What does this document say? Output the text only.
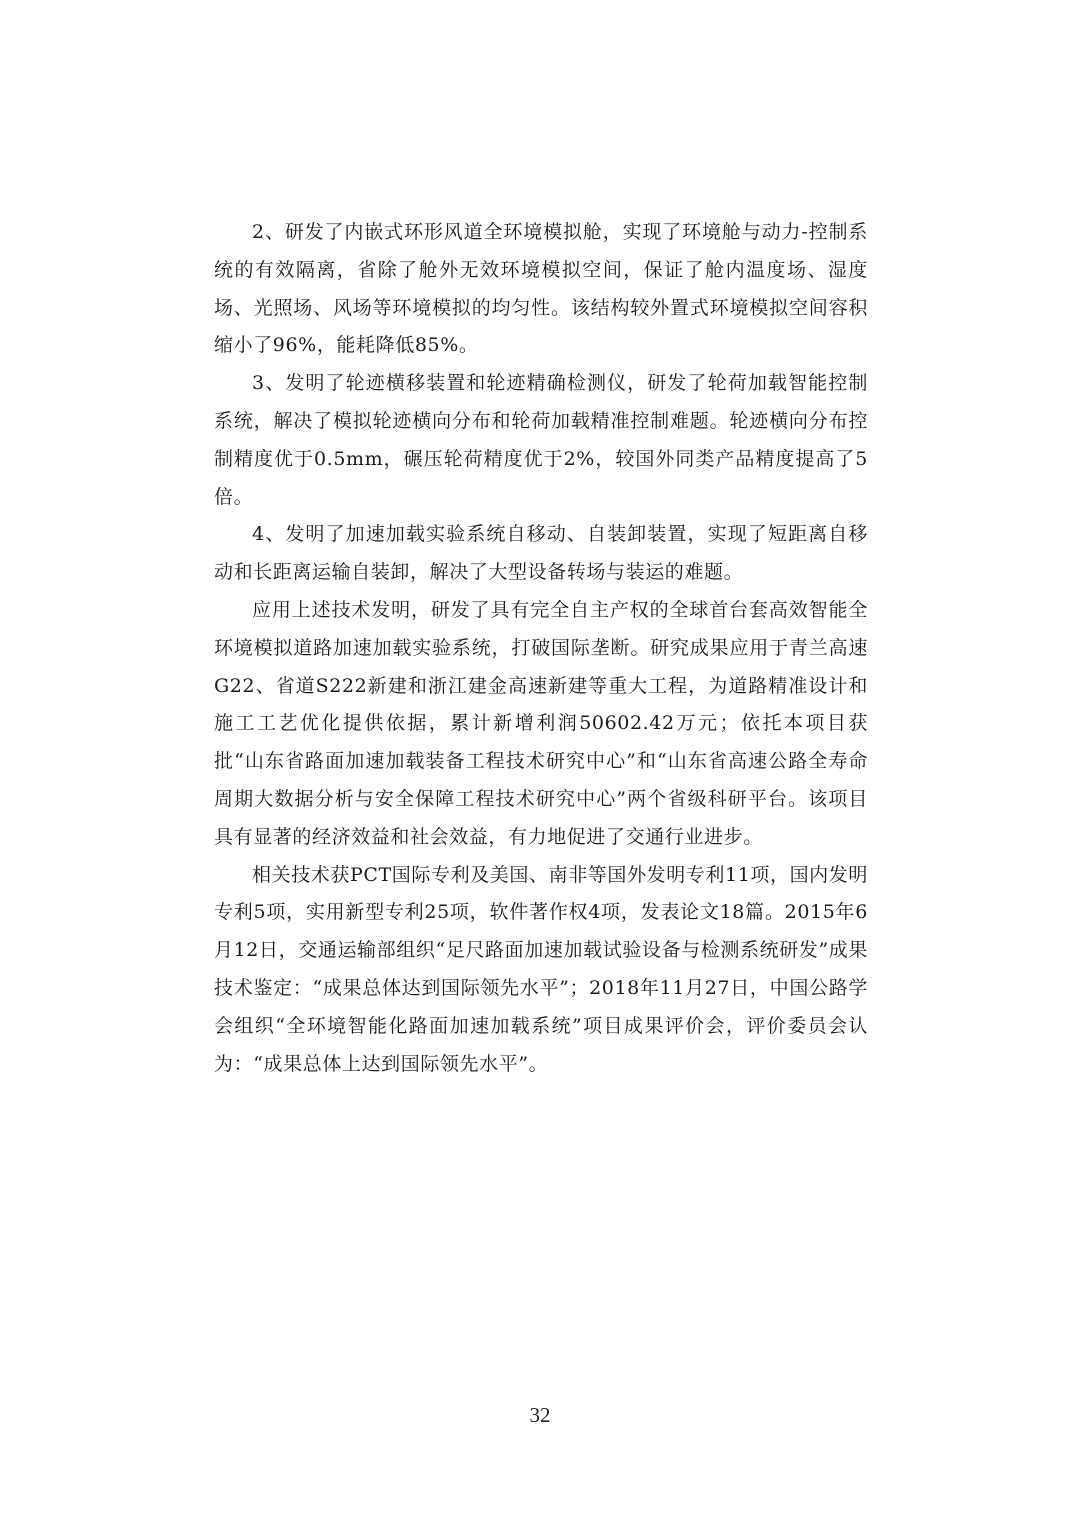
2、研发了内嵌式环形风道全环境模拟舱，实现了环境舱与动力-控制系统的有效隔离，省除了舱外无效环境模拟空间，保证了舱内温度场、湿度场、光照场、风场等环境模拟的均匀性。该结构较外置式环境模拟空间容积缩小了96%，能耗降低85%。

3、发明了轮迹横移装置和轮迹精确检测仪，研发了轮荷加载智能控制系统，解决了模拟轮迹横向分布和轮荷加载精准控制难题。轮迹横向分布控制精度优于0.5mm，碾压轮荷精度优于2%，较国外同类产品精度提高了5倍。

4、发明了加速加载实验系统自移动、自装卸装置，实现了短距离自移动和长距离运输自装卸，解决了大型设备转场与装运的难题。

应用上述技术发明，研发了具有完全自主产权的全球首台套高效智能全环境模拟道路加速加载实验系统，打破国际垄断。研究成果应用于青兰高速G22、省道S222新建和浙江建金高速新建等重大工程，为道路精准设计和施工工艺优化提供依据，累计新增利润50602.42万元；依托本项目获批“山东省路面加速加载装备工程技术研究中心”和“山东省高速公路全寿命周期大数据分析与安全保障工程技术研究中心”两个省级科研平台。该项目具有显著的经济效益和社会效益，有力地促进了交通行业进步。

相关技术获PCT国际专利及美国、南非等国外发明专利11项，国内发明专利5项，实用新型专利25项，软件著作权4项，发表论文18篇。2015年6月12日，交通运输部组织“足尺路面加速加载试验设备与检测系统研发”成果技术鉴定：“成果总体达到国际领先水平”；2018年11月27日，中国公路学会组织“全环境智能化路面加速加载系统”项目成果评价会，评价委员会认为：“成果总体上达到国际领先水平”。

32
